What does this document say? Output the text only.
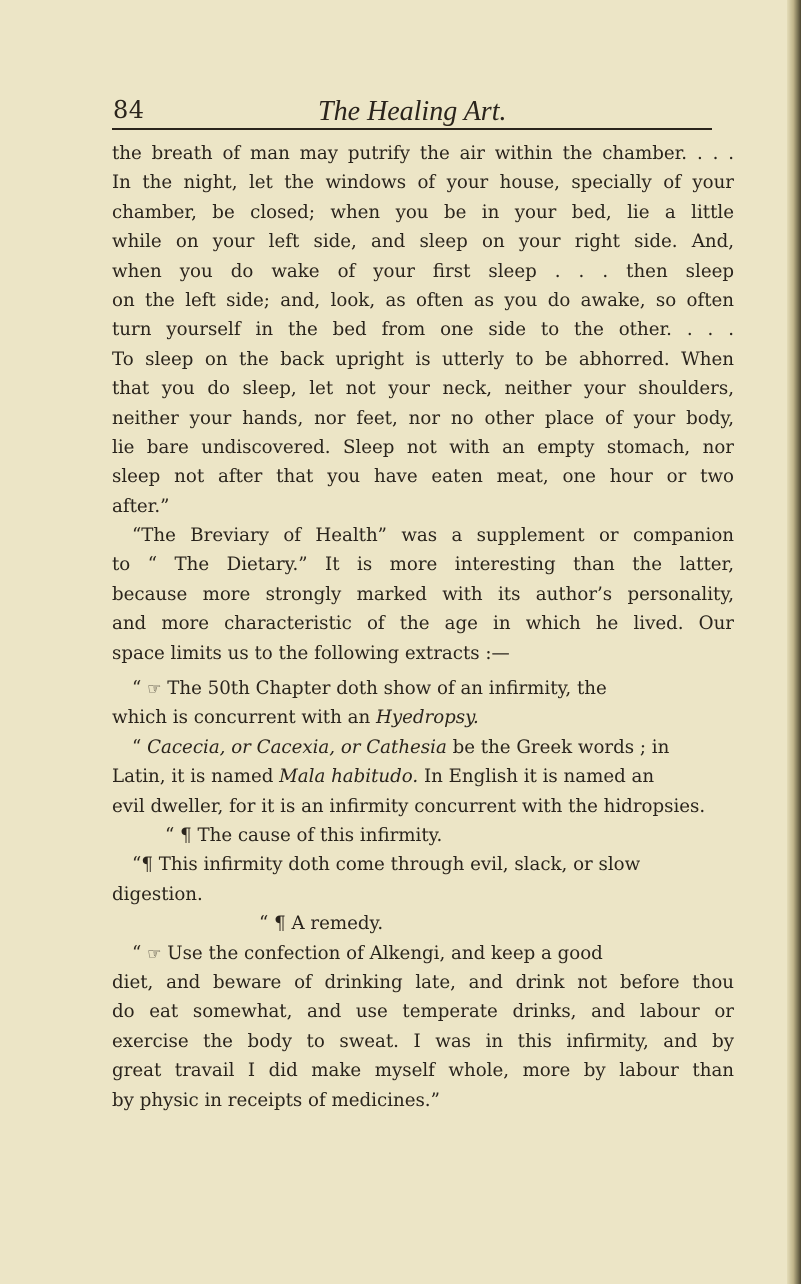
84	The Healing Art.
the breath of man may putrify the air within the chamber. . . .
In the night, let the windows of your house, specially of your
chamber, be closed; when you be in your bed, lie a little
while on your left side, and sleep on your right side. And,
when you do wake of your first sleep . . . then sleep
on the left side; and, look, as often as you do awake, so often
turn yourself in the bed from one side to the other. . . .
To sleep on the back upright is utterly to be abhorred. When
that you do sleep, let not your neck, neither your shoulders,
neither your hands, nor feet, nor no other place of your body,
lie bare undiscovered. Sleep not with an empty stomach, nor
sleep not after that you have eaten meat, one hour or two
after.”
“The Breviary of Health” was a supplement or companion
to “ The Dietary.” It is more interesting than the latter,
because more strongly marked with its author’s personality,
and more characteristic of the age in which he lived. Our
space limits us to the following extracts :—
“ ☞ The 50th Chapter doth show of an infirmity, the
which is concurrent with an Hyedropsy.
“ Cacecia, or Cacexia, or Cathesia be the Greek words ; in
Latin, it is named Mala habitudo. In English it is named an
evil dweller, for it is an infirmity concurrent with the hidropsies.
“ ¶ The cause of this infirmity.
“¶ This infirmity doth come through evil, slack, or slow
digestion.
“ ¶ A remedy.
“ ☞ Use the confection of Alkengi, and keep a good
diet, and beware of drinking late, and drink not before thou
do eat somewhat, and use temperate drinks, and labour or
exercise the body to sweat. I was in this infirmity, and by
great travail I did make myself whole, more by labour than
by physic in receipts of medicines.”
